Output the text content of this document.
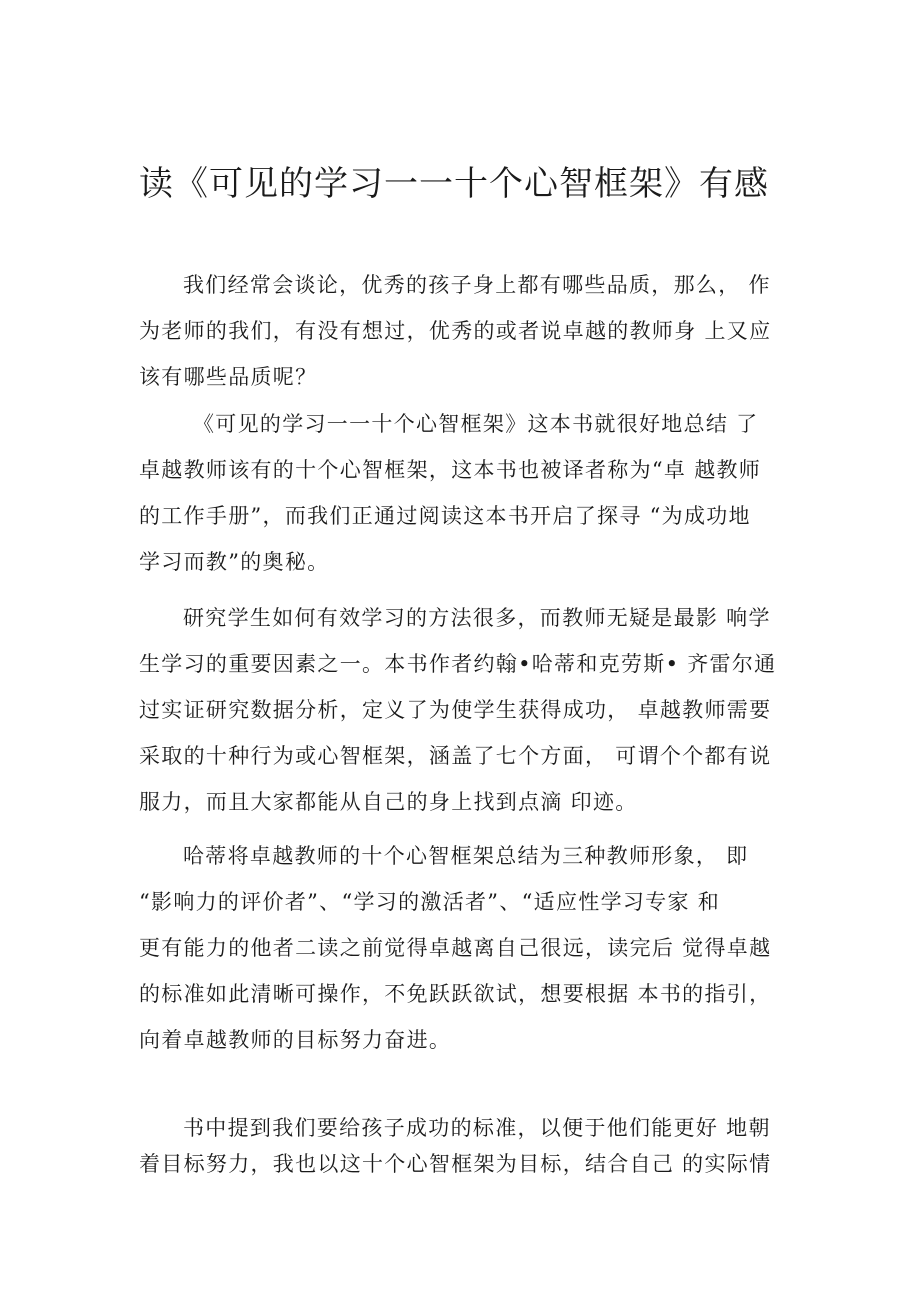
读《可见的学习一一十个心智框架》有感
我们经常会谈论，优秀的孩子身上都有哪些品质，那么， 作
为老师的我们，有没有想过，优秀的或者说卓越的教师身 上又应
该有哪些品质呢？
《可见的学习一一十个心智框架》这本书就很好地总结 了
卓越教师该有的十个心智框架，这本书也被译者称为“卓 越教师
的工作手册”，而我们正通过阅读这本书开启了探寻 “为成功地
学习而教”的奥秘。
研究学生如何有效学习的方法很多，而教师无疑是最影 响学
生学习的重要因素之一。本书作者约翰•哈蒂和克劳斯• 齐雷尔通
过实证研究数据分析，定义了为使学生获得成功， 卓越教师需要
采取的十种行为或心智框架，涵盖了七个方面， 可谓个个都有说
服力，而且大家都能从自己的身上找到点滴 印迹。
哈蒂将卓越教师的十个心智框架总结为三种教师形象， 即
“影响力的评价者”、“学习的激活者”、“适应性学习专家 和
更有能力的他者二读之前觉得卓越离自己很远，读完后 觉得卓越
的标准如此清晰可操作，不免跃跃欲试，想要根据 本书的指引，
向着卓越教师的目标努力奋进。
书中提到我们要给孩子成功的标准，以便于他们能更好 地朝
着目标努力，我也以这十个心智框架为目标，结合自己 的实际情
